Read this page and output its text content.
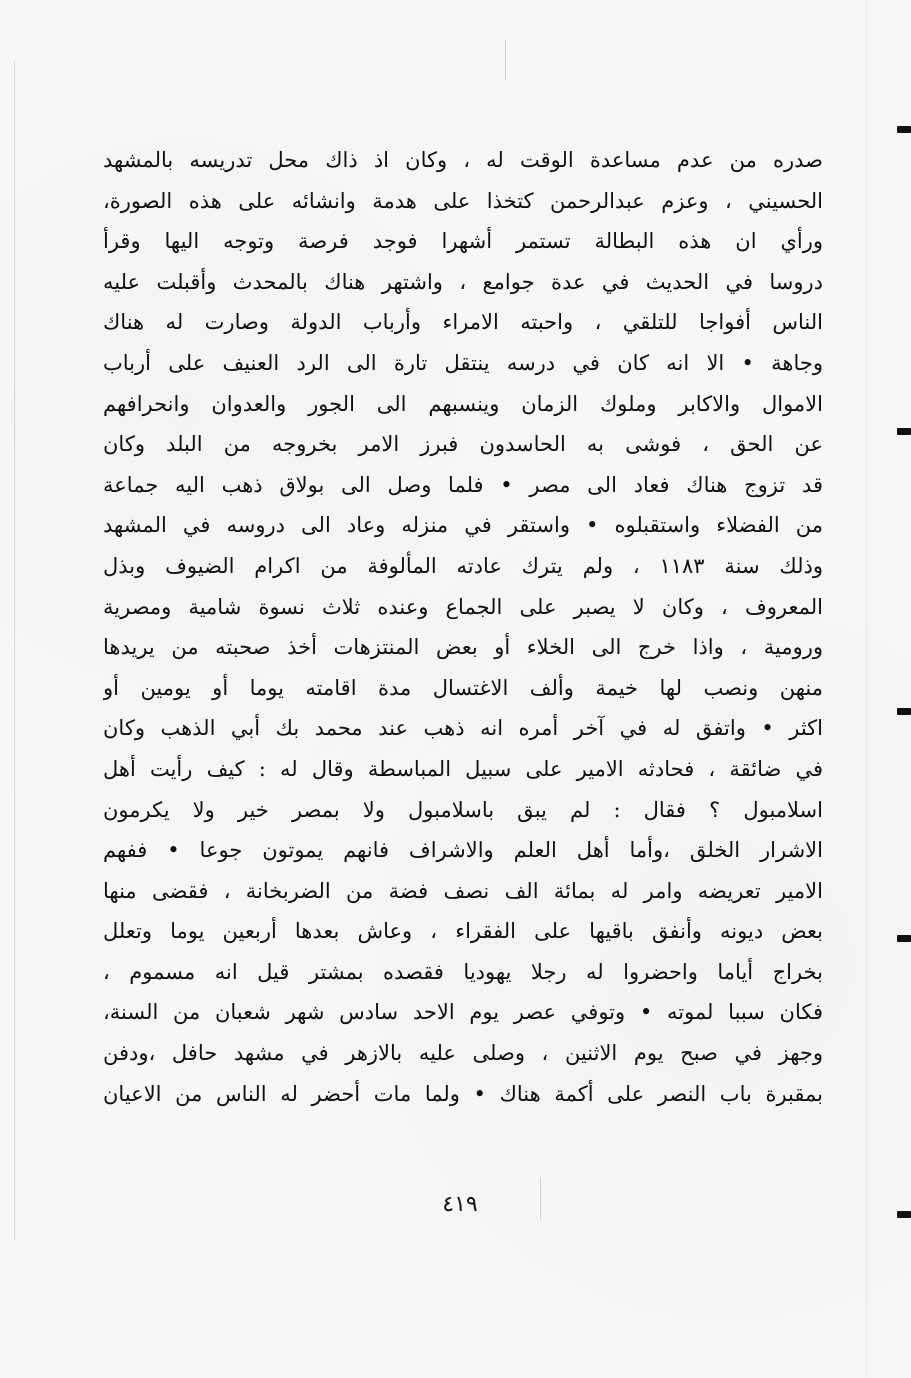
صدره من عدم مساعدة الوقت له ، وكان اذ ذاك محل تدريسه بالمشهد
الحسيني ، وعزم عبدالرحمن كتخذا على هدمة وانشائه على هذه الصورة،
ورأي ان هذه البطالة تستمر أشهرا فوجد فرصة وتوجه اليها وقرأ
دروسا في الحديث في عدة جوامع ، واشتهر هناك بالمحدث وأقبلت عليه
الناس أفواجا للتلقي ، واحبته الامراء وأرباب الدولة وصارت له هناك
وجاهة • الا انه كان في درسه ينتقل تارة الى الرد العنيف على أرباب
الاموال والاكابر وملوك الزمان وينسبهم الى الجور والعدوان وانحرافهم
عن الحق ، فوشى به الحاسدون فبرز الامر بخروجه من البلد وكان
قد تزوج هناك فعاد الى مصر • فلما وصل الى بولاق ذهب اليه جماعة
من الفضلاء واستقبلوه • واستقر في منزله وعاد الى دروسه في المشهد
وذلك سنة ١١٨٣ ، ولم يترك عادته المألوفة من اكرام الضيوف وبذل
المعروف ، وكان لا يصبر على الجماع وعنده ثلاث نسوة شامية ومصرية
ورومية ، واذا خرج الى الخلاء أو بعض المنتزهات أخذ صحبته من يريدها
منهن ونصب لها خيمة وألف الاغتسال مدة اقامته يوما أو يومين أو
اكثر • واتفق له في آخر أمره انه ذهب عند محمد بك أبي الذهب وكان
في ضائقة ، فحادثه الامير على سبيل المباسطة وقال له : كيف رأيت أهل
اسلامبول ؟ فقال : لم يبق باسلامبول ولا بمصر خير ولا يكرمون
الاشرار الخلق ،وأما أهل العلم والاشراف فانهم يموتون جوعا • ففهم
الامير تعريضه وامر له بمائة الف نصف فضة من الضربخانة ، فقضى منها
بعض ديونه وأنفق باقيها على الفقراء ، وعاش بعدها أربعين يوما وتعلل
بخراج أياما واحضروا له رجلا يهوديا فقصده بمشتر قيل انه مسموم ،
فكان سببا لموته • وتوفي عصر يوم الاحد سادس شهر شعبان من السنة،
وجهز في صبح يوم الاثنين ، وصلى عليه بالازهر في مشهد حافل ،ودفن
بمقبرة باب النصر على أكمة هناك • ولما مات أحضر له الناس من الاعيان
٤١٩
